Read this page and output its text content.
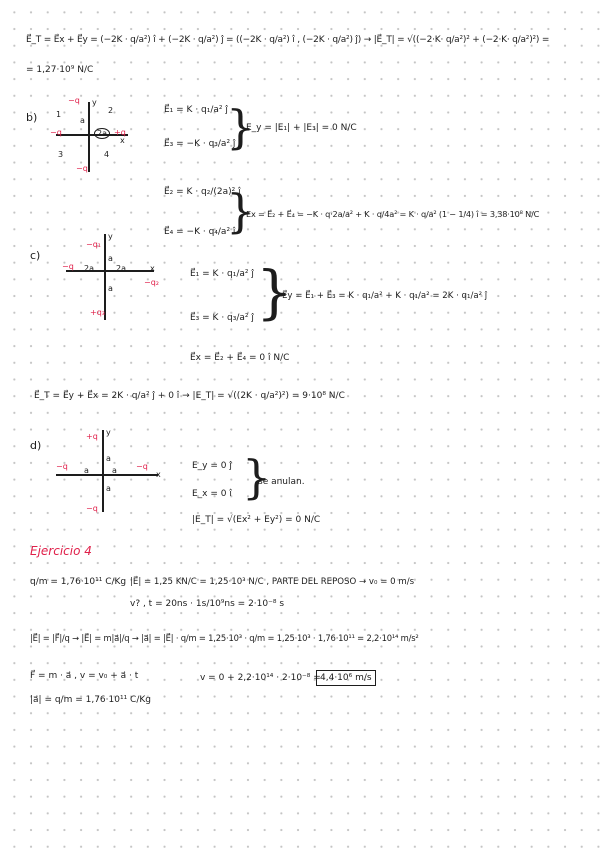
E⃗_T = E⃗x + E⃗y = (−2K · q/a²) î + (−2K · q/a²) ĵ = ((−2K · q/a²) î , (−2K · q/a²) ĵ) → |E⃗_T| = √((−2·K· q/a²)² + (−2·K· q/a²)²) =
= 1,27·10⁹ N/C
b)
−q
+q
−q
−q
1	2
3	4
2a
a
y
x
E⃗₁ = K · q₁/a² ĵ
E⃗₃ = −K · q₃/a² ĵ
}
E_y = |E₁| + |E₃| = 0 N/C
E⃗₂ = K · q₂/(2a)² î
E⃗₄ = −K · q₄/a² î
}
Ex = E⃗₂ + E⃗₄ = −K · q·2a/a² + K · q/4a² = K · q/a² (1 − 1/4) î = 3,38·10⁸ N/C
c)
−q₁
−q₂
−q
+q₃
y
x
2a	2a
a
a
E⃗₁ = K · q₁/a² ĵ
E⃗₃ = K · q₃/a² ĵ }
E⃗y = E⃗₁ + E⃗₃ = K · q₁/a² + K · q₁/a² = 2K · q₁/a² ĵ
E⃗x = E⃗₂ + E⃗₄ = 0 î N/C
E⃗_T = E⃗y + E⃗x = 2K · q/a² ĵ + 0 î → |E_T| = √((2K · q/a²)²) = 9·10⁸ N/C
d)
+q
−q
−q
−q
y
x
a	a
a
a
E_y = 0 ĵ
E_x = 0 î }
se anulan.
|E_T| = √(Ex² + Ey²) = 0 N/C
Ejercicio 4
q/m = 1,76·10¹¹ C/Kg |E⃗| = 1,25 KN/C = 1,25·10³ N/C , PARTE DEL REPOSO → v₀ = 0 m/s
v? , t = 20ns · 1s/10⁹ns = 2·10⁻⁸ s
|E⃗| = |F⃗|/q → |E⃗| = m|a⃗|/q → |a⃗| = |E⃗| · q/m = 1,25·10³ · q/m = 1,25·10³ · 1,76·10¹¹ = 2,2·10¹⁴ m/s²
F⃗ = m · a⃗ , v = v₀ + a⃗ · t	v = 0 + 2,2·10¹⁴ · 2·10⁻⁸ = 4,4·10⁶ m/s
|a⃗| = q/m = 1,76·10¹¹ C/Kg
